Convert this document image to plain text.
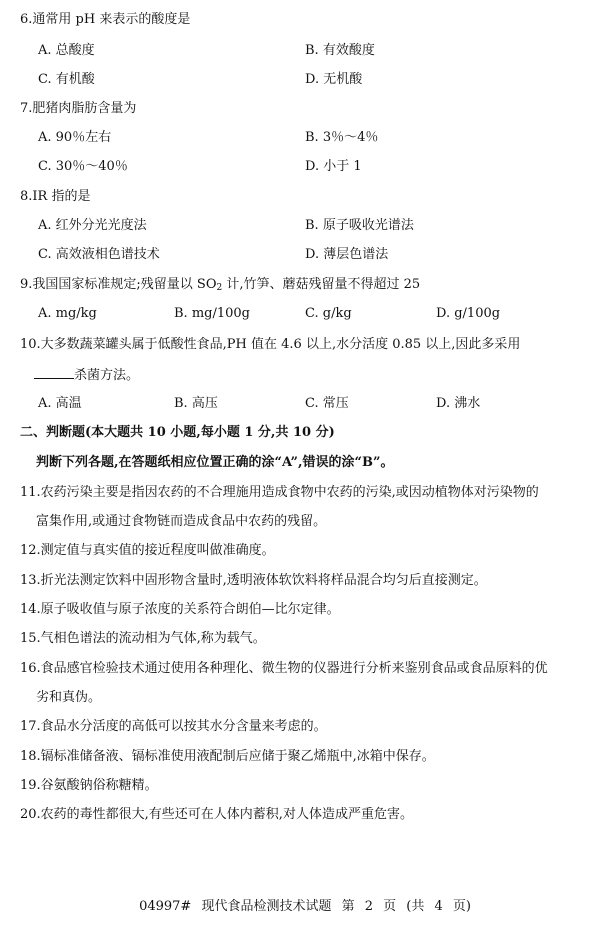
6.通常用 pH 来表示的酸度是
A. 总酸度	B. 有效酸度
C. 有机酸	D. 无机酸
7.肥猪肉脂肪含量为
A. 90％左右	B. 3％～4％
C. 30％～40％	D. 小于 1
8.IR 指的是
A. 红外分光光度法	B. 原子吸收光谱法
C. 高效液相色谱技术	D. 薄层色谱法
9.我国国家标准规定;残留量以 $SO_2$ 计,竹笋、蘑菇残留量不得超过 25
A. mg/kg	B. mg/100g	C. g/kg	D. g/100g
10.大多数蔬菜罐头属于低酸性食品,PH 值在 4.6 以上,水分活度 0.85 以上,因此多采用
杀菌方法。
A. 高温	B. 高压	C. 常压	D. 沸水
二、判断题(本大题共 10 小题,每小题 1 分,共 10 分)
判断下列各题,在答题纸相应位置正确的涂“A”,错误的涂“B”。
11.农药污染主要是指因农药的不合理施用造成食物中农药的污染,或因动植物体对污染物的
富集作用,或通过食物链而造成食品中农药的残留。
12.测定值与真实值的接近程度叫做准确度。
13.折光法测定饮料中固形物含量时,透明液体软饮料将样品混合均匀后直接测定。
14.原子吸收值与原子浓度的关系符合朗伯—比尔定律。
15.气相色谱法的流动相为气体,称为载气。
16.食品感官检验技术通过使用各种理化、微生物的仪器进行分析来鉴别食品或食品原料的优
劣和真伪。
17.食品水分活度的高低可以按其水分含量来考虑的。
18.镉标准储备液、镉标准使用液配制后应储于聚乙烯瓶中,冰箱中保存。
19.谷氨酸钠俗称糖精。
20.农药的毒性都很大,有些还可在人体内蓄积,对人体造成严重危害。
04997# 现代食品检测技术试题 第 2 页 (共 4 页)
